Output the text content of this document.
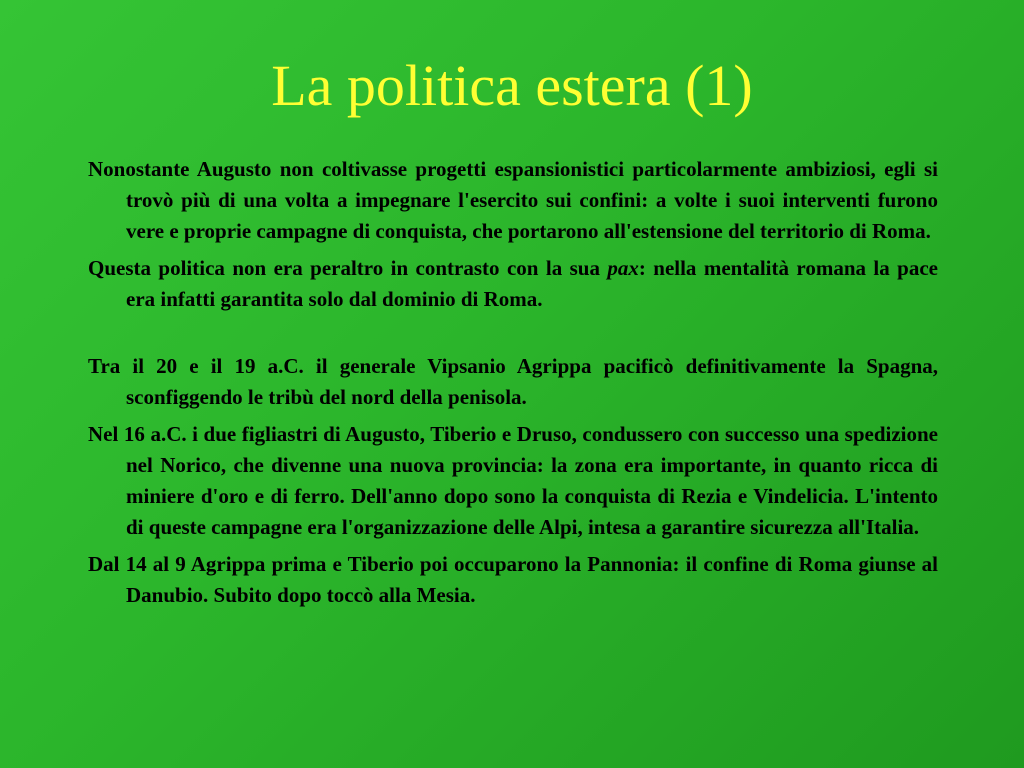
La politica estera (1)

Nonostante Augusto non coltivasse progetti espansionistici particolarmente ambiziosi, egli si trovò più di una volta a impegnare l'esercito sui confini: a volte i suoi interventi furono vere e proprie campagne di conquista, che portarono all'estensione del territorio di Roma.

Questa politica non era peraltro in contrasto con la sua pax: nella mentalità romana la pace era infatti garantita solo dal dominio di Roma.

Tra il 20 e il 19 a.C. il generale Vipsanio Agrippa pacificò definitivamente la Spagna, sconfiggendo le tribù del nord della penisola.

Nel 16 a.C. i due figliastri di Augusto, Tiberio e Druso, condussero con successo una spedizione nel Norico, che divenne una nuova provincia: la zona era importante, in quanto ricca di miniere d'oro e di ferro. Dell'anno dopo sono la conquista di Rezia e Vindelicia. L'intento di queste campagne era l'organizzazione delle Alpi, intesa a garantire sicurezza all'Italia.

Dal 14 al 9 Agrippa prima e Tiberio poi occuparono la Pannonia: il confine di Roma giunse al Danubio. Subito dopo toccò alla Mesia.
